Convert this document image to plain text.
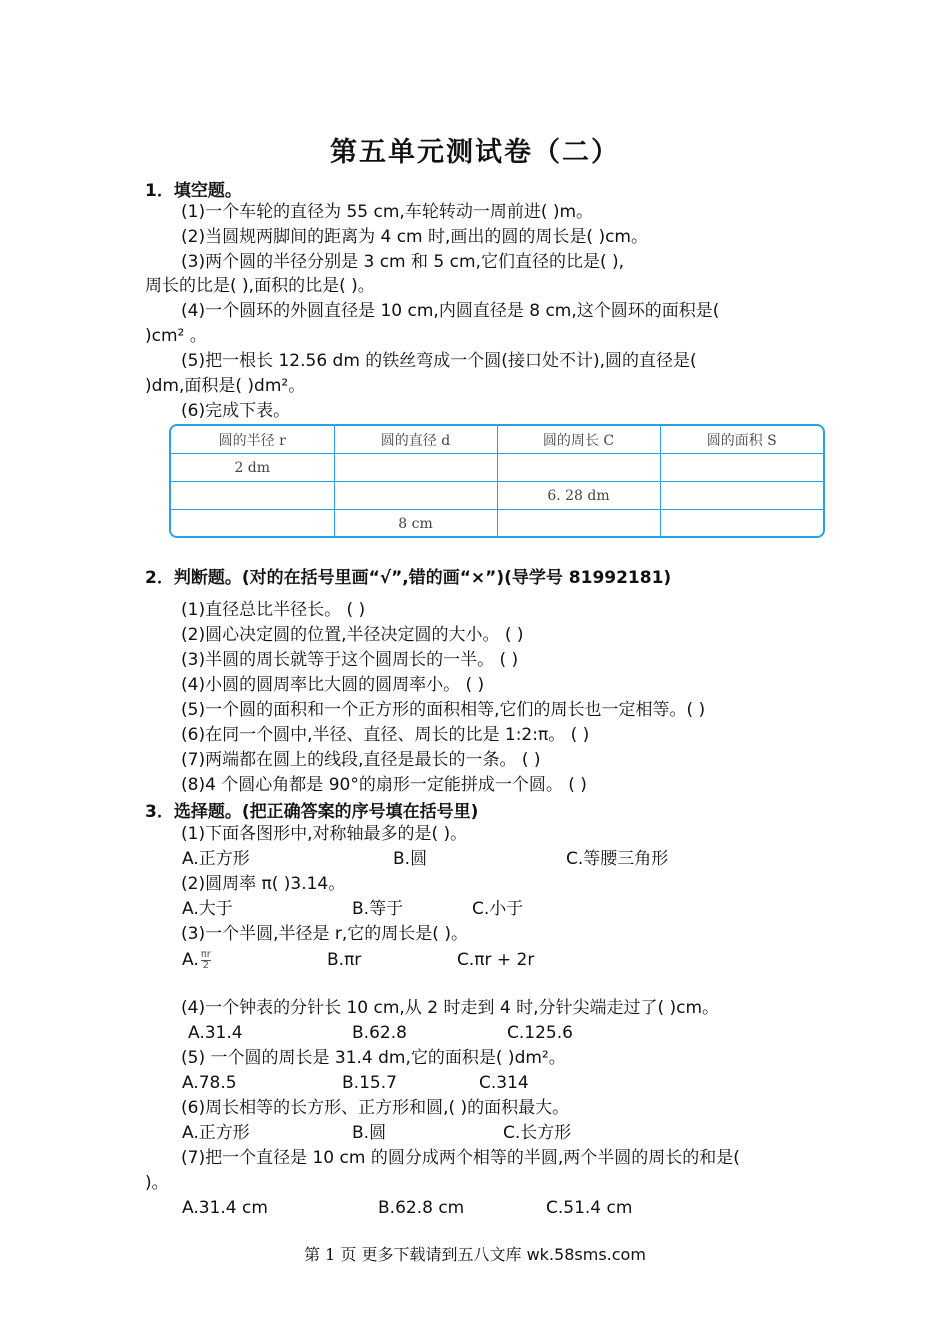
第五单元测试卷（二）
1．填空题。
(1)一个车轮的直径为 55 cm,车轮转动一周前进( )m。
(2)当圆规两脚间的距离为 4 cm 时,画出的圆的周长是( )cm。
(3)两个圆的半径分别是 3 cm 和 5 cm,它们直径的比是( ),
周长的比是( ),面积的比是( )。
(4)一个圆环的外圆直径是 10 cm,内圆直径是 8 cm,这个圆环的面积是(
)cm² 。
(5)把一根长 12.56 dm 的铁丝弯成一个圆(接口处不计),圆的直径是(
)dm,面积是( )dm²。
(6)完成下表。
圆的半径 r	圆的直径 d	圆的周长 C	圆的面积 S
2 dm			
		6. 28 dm	
	8 cm		
2．判断题。(对的在括号里画“√”,错的画“×”)(导学号 81992181)
(1)直径总比半径长。 ( )
(2)圆心决定圆的位置,半径决定圆的大小。 ( )
(3)半圆的周长就等于这个圆周长的一半。 ( )
(4)小圆的圆周率比大圆的圆周率小。 ( )
(5)一个圆的面积和一个正方形的面积相等,它们的周长也一定相等。( )
(6)在同一个圆中,半径、直径、周长的比是 1:2:π。 ( )
(7)两端都在圆上的线段,直径是最长的一条。 ( )
(8)4 个圆心角都是 90°的扇形一定能拼成一个圆。 ( )
3．选择题。(把正确答案的序号填在括号里)
(1)下面各图形中,对称轴最多的是( )。
A.正方形	B.圆	C.等腰三角形
(2)圆周率 π( )3.14。
A.大于	B.等于	C.小于
(3)一个半圆,半径是 r,它的周长是( )。
A. $\frac{\pi r}{2}$	B.πr	C.πr + 2r
(4)一个钟表的分针长 10 cm,从 2 时走到 4 时,分针尖端走过了( )cm。
A.31.4	B.62.8	C.125.6
(5) 一个圆的周长是 31.4 dm,它的面积是( )dm²。
A.78.5	B.15.7	C.314
(6)周长相等的长方形、正方形和圆,( )的面积最大。
A.正方形	B.圆	C.长方形
(7)把一个直径是 10 cm 的圆分成两个相等的半圆,两个半圆的周长的和是(
)。
A.31.4 cm	B.62.8 cm	C.51.4 cm
第 1 页 更多下载请到五八文库 wk.58sms.com
